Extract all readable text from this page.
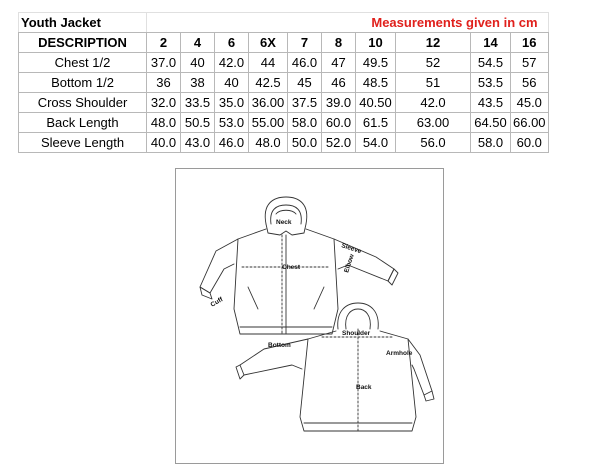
Youth Jacket	Measurements given in cm									
DESCRIPTION	2	4	6	6X	7	8	10	12	14	16
Chest 1/2	37.0	40	42.0	44	46.0	47	49.5	52	54.5	57
Bottom 1/2	36	38	40	42.5	45	46	48.5	51	53.5	56
Cross Shoulder	32.0	33.5	35.0	36.00	37.5	39.0	40.50	42.0	43.5	45.0
Back Length	48.0	50.5	53.0	55.00	58.0	60.0	61.5	63.00	64.50	66.00
Sleeve Length	40.0	43.0	46.0	48.0	50.0	52.0	54.0	56.0	58.0	60.0
Neck
Sleeve
Chest	Elbow
Cuff
Bottom
Shoulder
Armhole
Back
